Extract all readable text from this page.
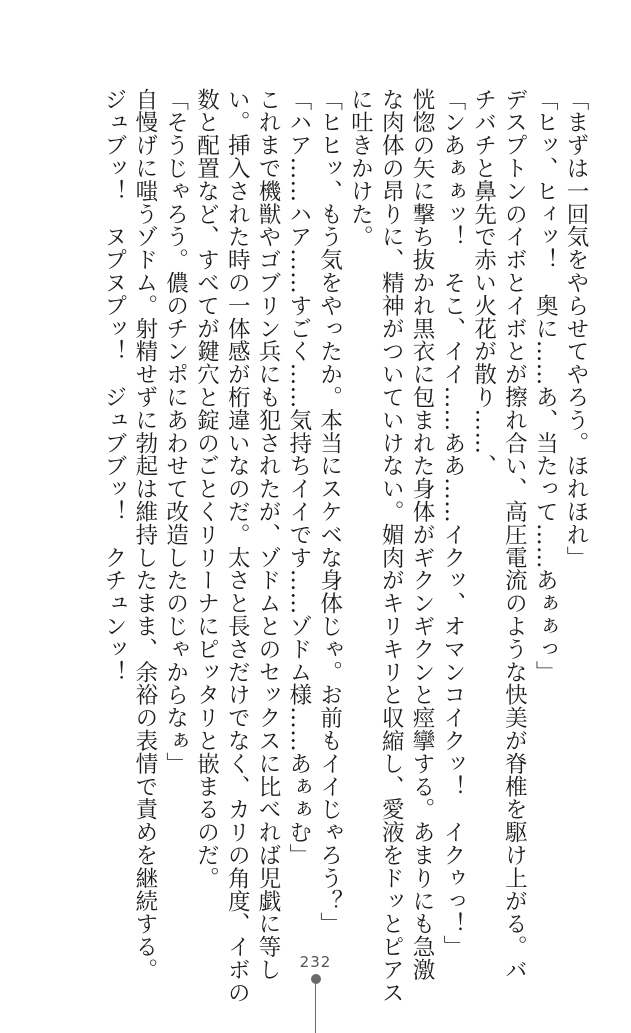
「まずは一回気をやらせてやろう。ほれほれ」
「ヒッ、ヒィッ！　奥に……あ、当たって……あぁぁっ」
デスプトンのイボとイボとが擦れ合い、高圧電流のような快美が脊椎を駆け上がる。バ
チバチと鼻先で赤い火花が散り……、
「ンあぁぁッ！　そこ、イイ……ああ……イクッ、オマンコイクッ！　イクゥっ！」
恍惚の矢に撃ち抜かれ黒衣に包まれた身体がギクンギクンと痙攣する。あまりにも急激
な肉体の昂りに、精神がついていけない。媚肉がキリキリと収縮し、愛液をドッとピアス
に吐きかけた。
「ヒヒッ、もう気をやったか。本当にスケベな身体じゃ。お前もイイじゃろう？」
「ハア……ハア……すごく……気持ちイイです……ゾドム様……あぁぁむ」
これまで機獣やゴブリン兵にも犯されたが、ゾドムとのセックスに比べれば児戯に等し
い。挿入された時の一体感が桁違いなのだ。太さと長さだけでなく、カリの角度、イボの
数と配置など、すべてが鍵穴と錠のごとくリリーナにピッタリと嵌まるのだ。
「そうじゃろう。儂のチンポにあわせて改造したのじゃからなぁ」
自慢げに嗤うゾドム。射精せずに勃起は維持したまま、余裕の表情で責めを継続する。
ジュブッ！　ヌプヌプッ！　ジュブブッ！　クチュンッ！
232
